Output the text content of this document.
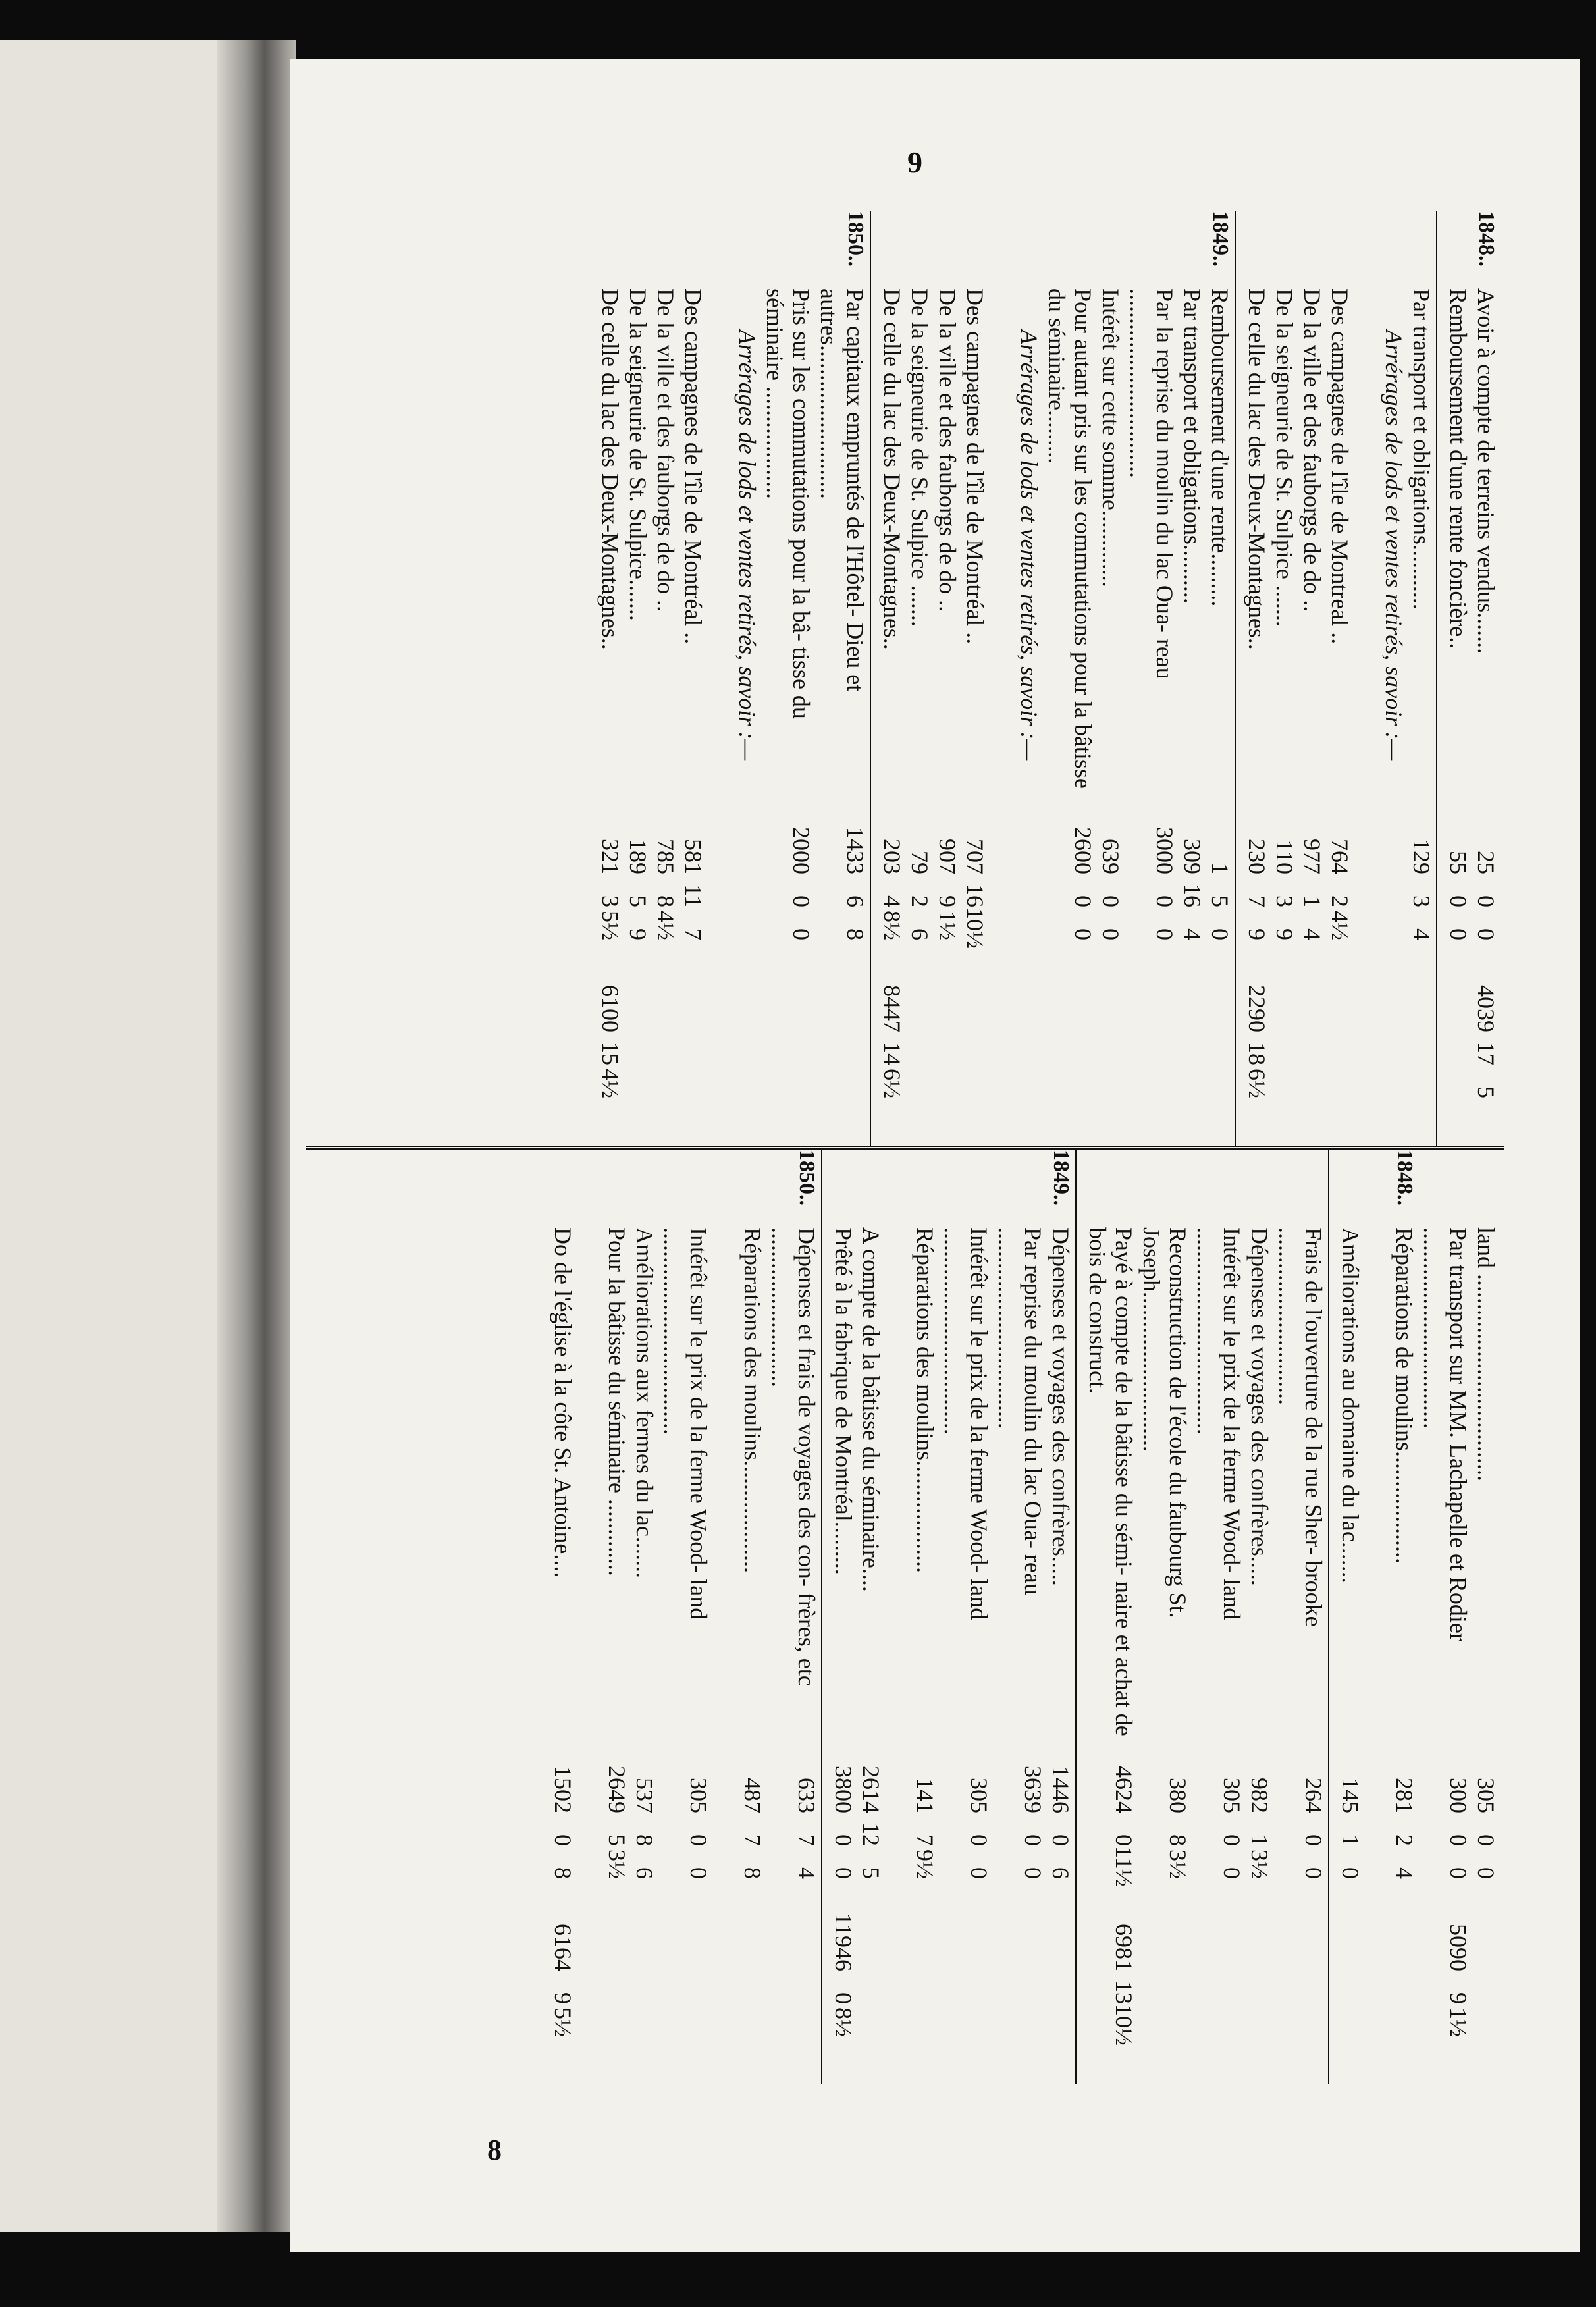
9
8
1848..
Avoir à compte de terreins vendus.......
25
0
0
4039
17
5
Remboursement d'une rente foncière..
55
0
0
Par transport et obligations...........
129
3
4
Arrérages de lods et ventes retirés, savoir :—
Des campagnes de l'île de Montreal ..
764
2
4½
De la ville et des fauborgs de do ..
977
1
4
De la seigneurie de St. Sulpice .......
110
3
9
De celle du lac des Deux-Montagnes..
230
7
9
2290
18
6½
1849..
Remboursement d'une rente.........
1
5
0
Par transport et obligations..........
309
16
4
Par la reprise du moulin du lac Oua- reau ................................
3000
0
0
Intérêt sur cette somme.............
639
0
0
Pour autant pris sur les commutations pour la bâtisse du séminaire.........
2600
0
0
Arrérages de lods et ventes retirés, savoir :—
Des campagnes de l'île de Montréal ..
707
16
10½
De la ville et des fauborgs de do ..
907
9
1½
De la seigneurie de St. Sulpice .......
79
2
6
De celle du lac des Deux-Montagnes..
203
4
8½
8447
14
6½
1850..
Par capitaux empruntés de l'Hôtel- Dieu et autres..........................
1433
6
8
Pris sur les commutations pour la bâ- tisse du séminaire ...................
2000
0
0
Arrérages de lods et ventes retirés, savoir :—
Des campagnes de l'île de Montréal ..
581
11
7
De la ville et des fauborgs de do ..
785
8
4½
De la seigneurie de St. Sulpice.......
189
5
9
De celle du lac des Deux-Montagnes..
321
3
5½
6100
15
4½
land ...................................
305
0
0
Par transport sur MM. Lachapelle et Rodier ..................................
300
0
0
5090
9
1½
1848..
Réparations de moulins...................
281
2
4
Améliorations au domaine du lac.......
145
1
0
Frais de l'ouverture de la rue Sher- brooke ..............................
264
0
0
Dépenses et voyages des confrères.....
982
1
3½
Intérêt sur le prix de la ferme Wood- land ...................................
305
0
0
Reconstruction de l'école du faubourg St. Joseph...........................
380
8
3½
Payé à compte de la bâtisse du sémi- naire et achat de bois de construct.
4624
0
11½
6981
13
10½
1849..
Dépenses et voyages des confrères.....
1446
0
6
Par reprise du moulin du lac Oua- reau ..................................
3639
0
0
Intérêt sur le prix de la ferme Wood- land ...................................
305
0
0
Réparations des moulins...................
141
7
9½
A compte de la bâtisse du séminaire....
2614
12
5
Prêté à la fabrique de Montréal.........
3800
0
0
11946
0
8½
1850..
Dépenses et frais de voyages des con- frères, etc ...........................
633
7
4
Réparations des moulins...................
487
7
8
Intérêt sur le prix de la ferme Wood- land ...................................
305
0
0
Améliorations aux fermes du lac.......
537
8
6
Pour la bâtisse du séminaire .............
2649
5
3½
Do de l'église à la côte St. Antoine....
1502
0
8
6164
9
5½
